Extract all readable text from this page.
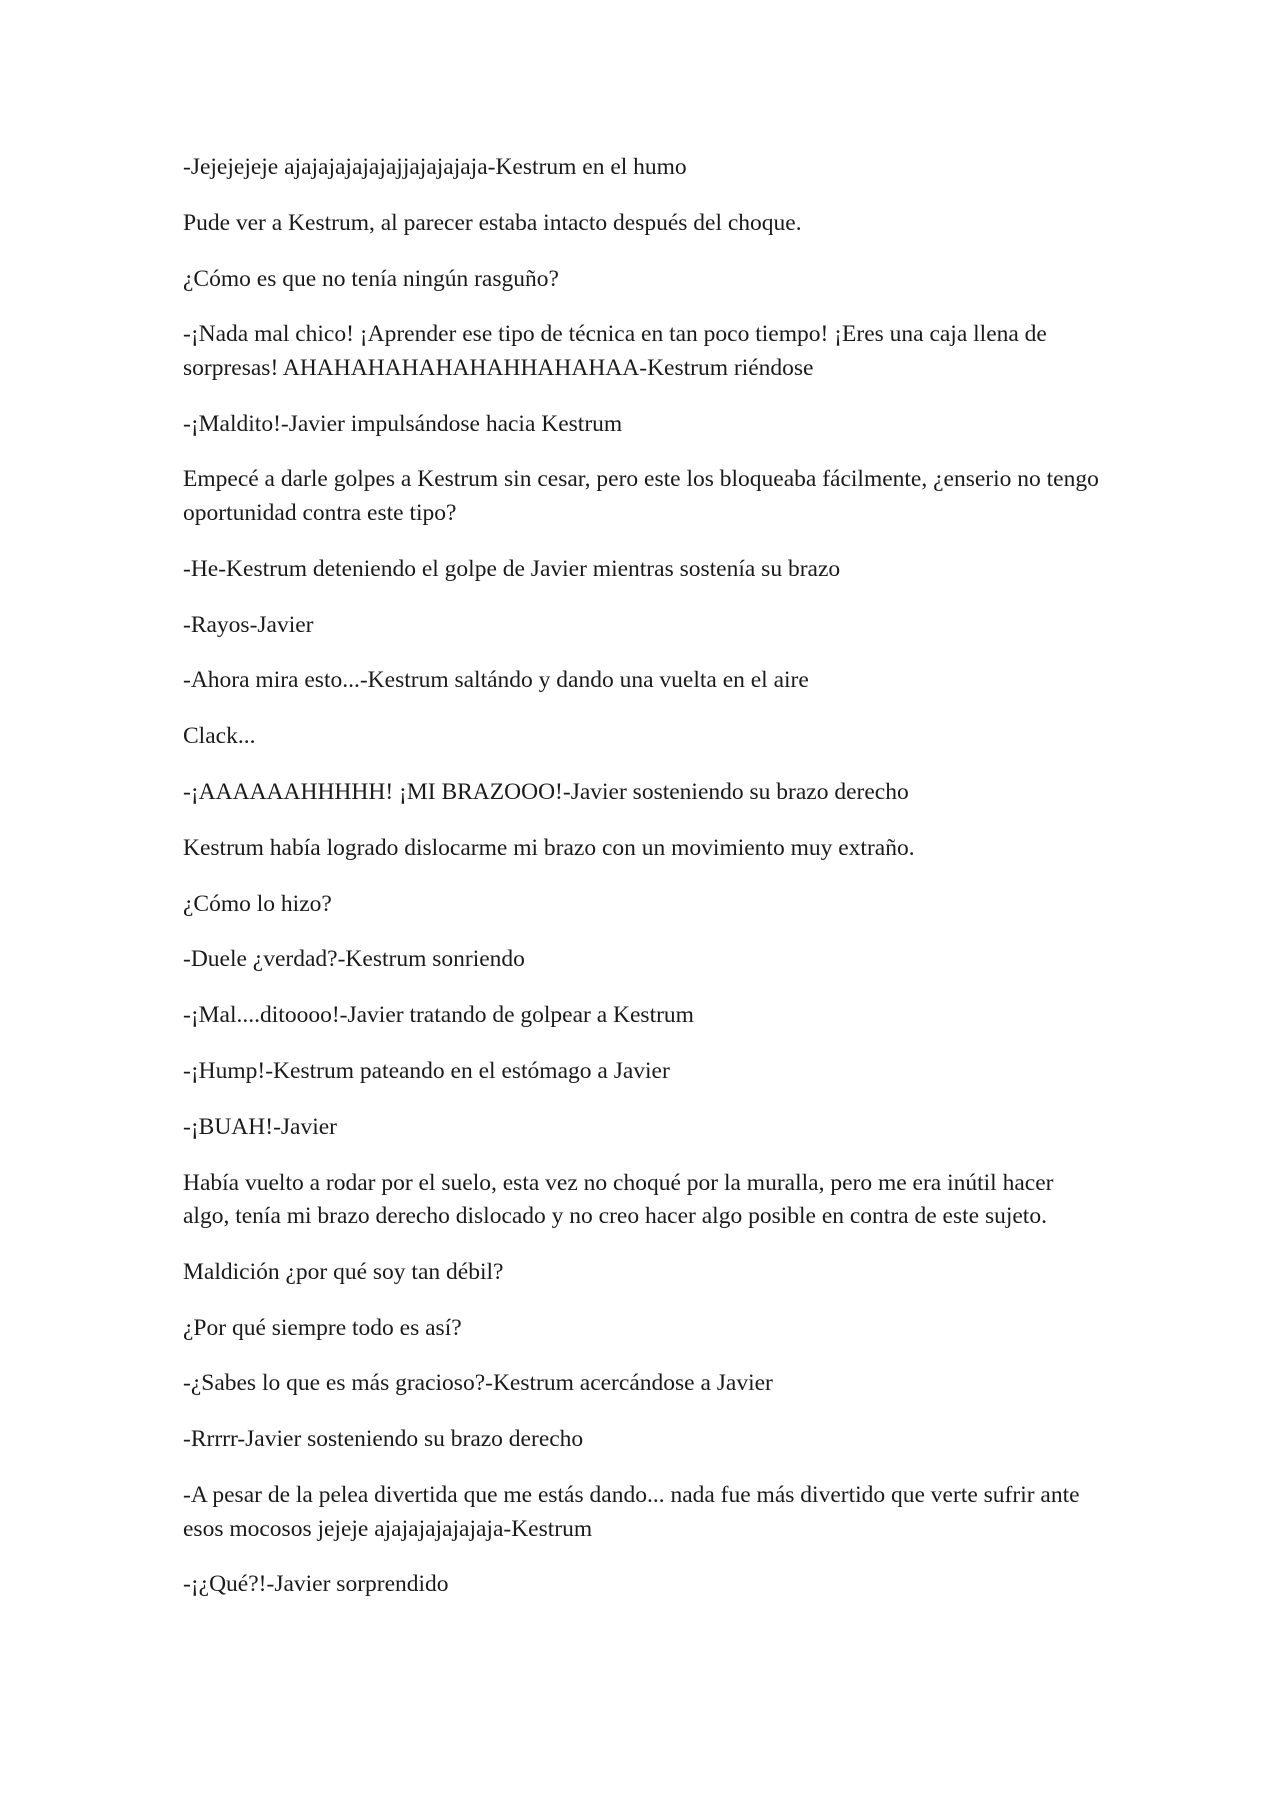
-Jejejejeje ajajajajajajajjajajajaja-Kestrum en el humo

Pude ver a Kestrum, al parecer estaba intacto después del choque.

¿Cómo es que no tenía ningún rasguño?

-¡Nada mal chico! ¡Aprender ese tipo de técnica en tan poco tiempo! ¡Eres una caja llena de sorpresas! AHAHAHAHAHAHAHHAHAHAA-Kestrum riéndose

-¡Maldito!-Javier impulsándose hacia Kestrum

Empecé a darle golpes a Kestrum sin cesar, pero este los bloqueaba fácilmente, ¿enserio no tengo oportunidad contra este tipo?

-He-Kestrum deteniendo el golpe de Javier mientras sostenía su brazo

-Rayos-Javier

-Ahora mira esto...-Kestrum saltándo y dando una vuelta en el aire

Clack...

-¡AAAAAAHHHHH! ¡MI BRAZOOO!-Javier sosteniendo su brazo derecho

Kestrum había logrado dislocarme mi brazo con un movimiento muy extraño.

¿Cómo lo hizo?

-Duele ¿verdad?-Kestrum sonriendo

-¡Mal....ditoooo!-Javier tratando de golpear a Kestrum

-¡Hump!-Kestrum pateando en el estómago a Javier

-¡BUAH!-Javier

Había vuelto a rodar por el suelo, esta vez no choqué por la muralla, pero me era inútil hacer algo, tenía mi brazo derecho dislocado y no creo hacer algo posible en contra de este sujeto.

Maldición ¿por qué soy tan débil?

¿Por qué siempre todo es así?

-¿Sabes lo que es más gracioso?-Kestrum acercándose a Javier

-Rrrrr-Javier sosteniendo su brazo derecho

-A pesar de la pelea divertida que me estás dando... nada fue más divertido que verte sufrir ante esos mocosos jejeje ajajajajajajaja-Kestrum

-¡¿Qué?!-Javier sorprendido
